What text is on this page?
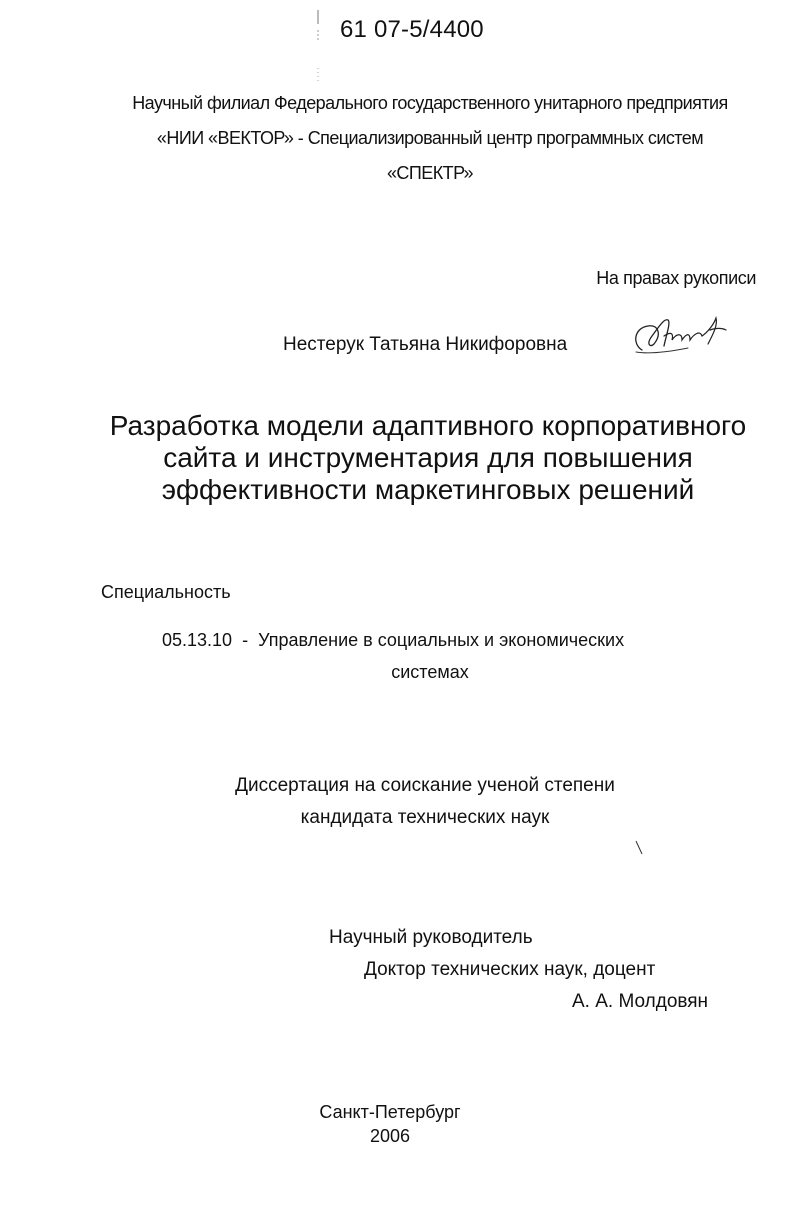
61 07-5/4400
Научный филиал Федерального государственного унитарного предприятия
«НИИ «ВЕКТОР» - Специализированный центр программных систем
«СПЕКТР»
На правах рукописи
Нестерук Татьяна Никифоровна
Разработка модели адаптивного корпоративного
сайта и инструментария для повышения
эффективности маркетинговых решений
Специальность
05.13.10  -  Управление в социальных и экономических
системах
Диссертация на соискание ученой степени
кандидата технических наук
Научный руководитель
Доктор технических наук, доцент
А. А. Молдовян
Санкт-Петербург
2006
